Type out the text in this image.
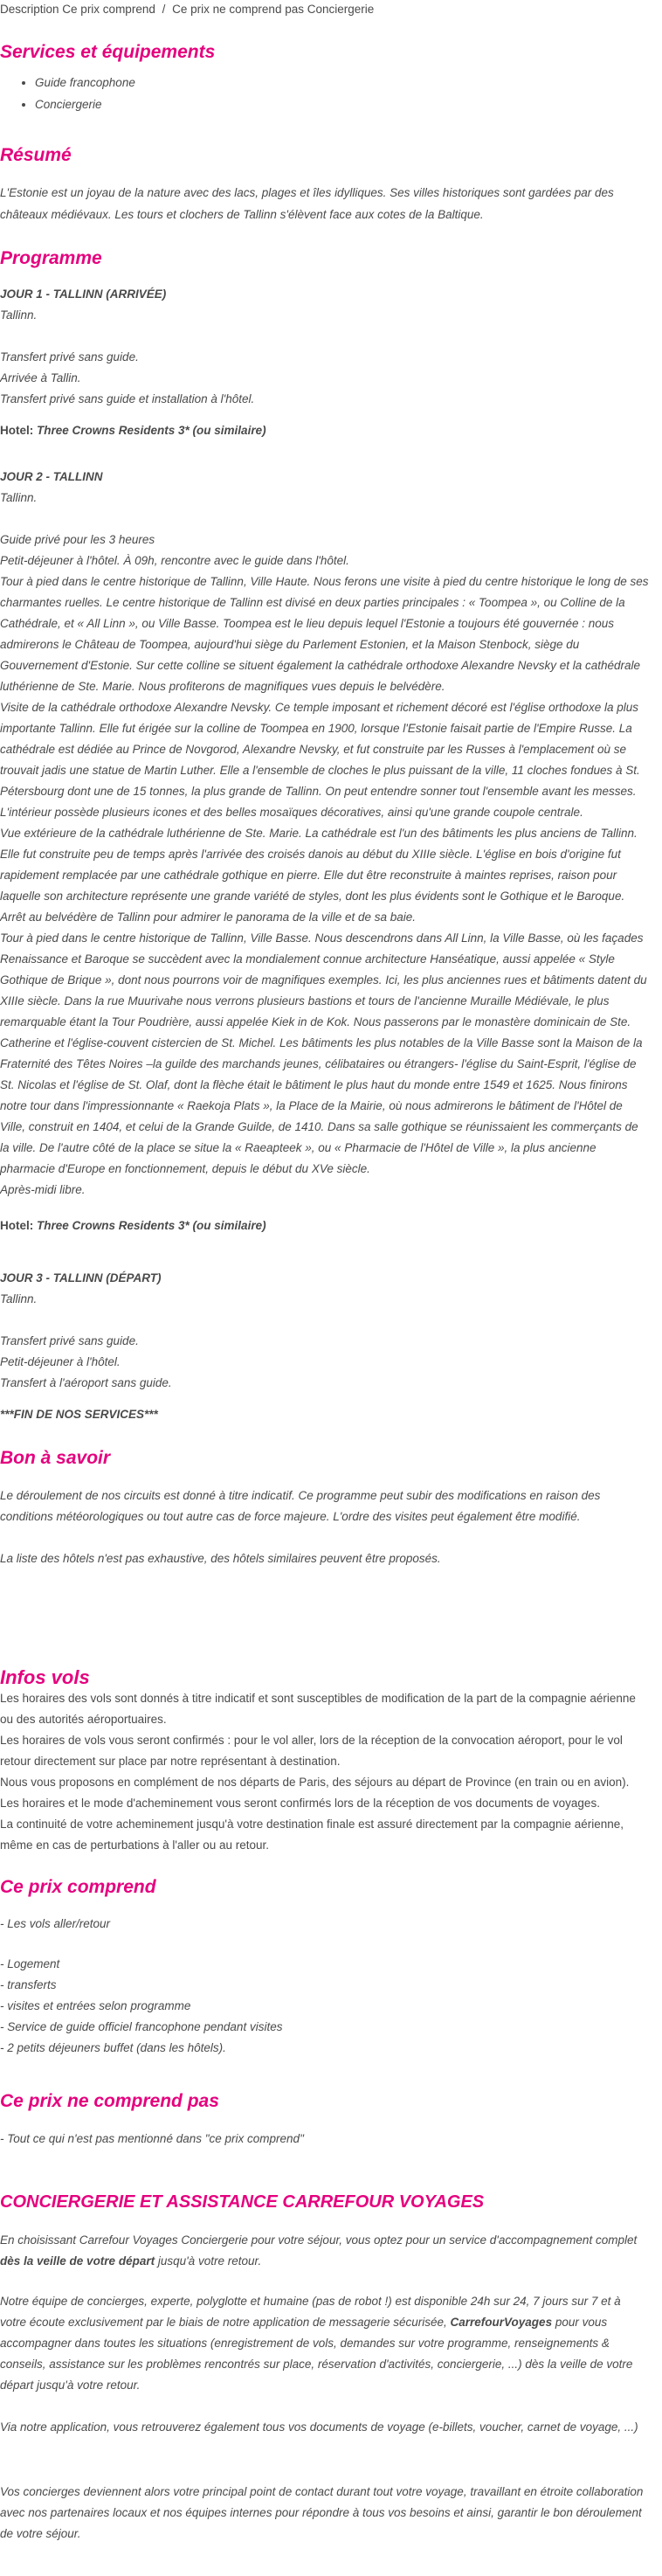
Description Ce prix comprend / Ce prix ne comprend pas Conciergerie
Services et équipements
• Guide francophone
• Conciergerie
Résumé

L'Estonie est un joyau de la nature avec des lacs, plages et îles idylliques. Ses villes historiques sont gardées par des châteaux médiévaux. Les tours et clochers de Tallinn s'élèvent face aux cotes de la Baltique.

Programme

JOUR 1 - TALLINN (ARRIVÉE)

Tallinn.

Transfert privé sans guide.

Arrivée à Tallin.

Transfert privé sans guide et installation à l'hôtel.

Hotel: Three Crowns Residents 3* (ou similaire)

JOUR 2 - TALLINN

Tallinn.

Guide privé pour les 3 heures

Petit-déjeuner à l'hôtel. À 09h, rencontre avec le guide dans l'hôtel.

Tour à pied dans le centre historique de Tallinn, Ville Haute. Nous ferons une visite à pied du centre historique le long de ses charmantes ruelles. Le centre historique de Tallinn est divisé en deux parties principales : « Toompea », ou Colline de la Cathédrale, et « All Linn », ou Ville Basse. Toompea est le lieu depuis lequel l'Estonie a toujours été gouvernée : nous admirerons le Château de Toompea, aujourd'hui siège du Parlement Estonien, et la Maison Stenbock, siège du Gouvernement d'Estonie. Sur cette colline se situent également la cathédrale orthodoxe Alexandre Nevsky et la cathédrale luthérienne de Ste. Marie. Nous profiterons de magnifiques vues depuis le belvédère.

Visite de la cathédrale orthodoxe Alexandre Nevsky. Ce temple imposant et richement décoré est l'église orthodoxe la plus importante Tallinn. Elle fut érigée sur la colline de Toompea en 1900, lorsque l'Estonie faisait partie de l'Empire Russe. La cathédrale est dédiée au Prince de Novgorod, Alexandre Nevsky, et fut construite par les Russes à l'emplacement où se trouvait jadis une statue de Martin Luther. Elle a l'ensemble de cloches le plus puissant de la ville, 11 cloches fondues à St. Pétersbourg dont une de 15 tonnes, la plus grande de Tallinn. On peut entendre sonner tout l'ensemble avant les messes. L'intérieur possède plusieurs icones et des belles mosaïques décoratives, ainsi qu'une grande coupole centrale.

Vue extérieure de la cathédrale luthérienne de Ste. Marie. La cathédrale est l'un des bâtiments les plus anciens de Tallinn. Elle fut construite peu de temps après l'arrivée des croisés danois au début du XIIIe siècle. L'église en bois d'origine fut rapidement remplacée par une cathédrale gothique en pierre. Elle dut être reconstruite à maintes reprises, raison pour laquelle son architecture représente une grande variété de styles, dont les plus évidents sont le Gothique et le Baroque.

Arrêt au belvédère de Tallinn pour admirer le panorama de la ville et de sa baie.

Tour à pied dans le centre historique de Tallinn, Ville Basse. Nous descendrons dans All Linn, la Ville Basse, où les façades Renaissance et Baroque se succèdent avec la mondialement connue architecture Hanséatique, aussi appelée « Style Gothique de Brique », dont nous pourrons voir de magnifiques exemples. Ici, les plus anciennes rues et bâtiments datent du XIIIe siècle. Dans la rue Muurivahe nous verrons plusieurs bastions et tours de l'ancienne Muraille Médiévale, le plus remarquable étant la Tour Poudrière, aussi appelée Kiek in de Kok. Nous passerons par le monastère dominicain de Ste. Catherine et l'église-couvent cistercien de St. Michel. Les bâtiments les plus notables de la Ville Basse sont la Maison de la Fraternité des Têtes Noires –la guilde des marchands jeunes, célibataires ou étrangers- l'église du Saint-Esprit, l'église de St. Nicolas et l'église de St. Olaf, dont la flèche était le bâtiment le plus haut du monde entre 1549 et 1625. Nous finirons notre tour dans l'impressionnante « Raekoja Plats », la Place de la Mairie, où nous admirerons le bâtiment de l'Hôtel de Ville, construit en 1404, et celui de la Grande Guilde, de 1410. Dans sa salle gothique se réunissaient les commerçants de la ville. De l'autre côté de la place se situe la « Raeapteek », ou « Pharmacie de l'Hôtel de Ville », la plus ancienne pharmacie d'Europe en fonctionnement, depuis le début du XVe siècle.

Après-midi libre.

Hotel: Three Crowns Residents 3* (ou similaire)

JOUR 3 - TALLINN (DÉPART)

Tallinn.

Transfert privé sans guide.

Petit-déjeuner à l'hôtel.

Transfert à l'aéroport sans guide.

***FIN DE NOS SERVICES***

Bon à savoir

Le déroulement de nos circuits est donné à titre indicatif. Ce programme peut subir des modifications en raison des conditions météorologiques ou tout autre cas de force majeure. L'ordre des visites peut également être modifié.

La liste des hôtels n'est pas exhaustive, des hôtels similaires peuvent être proposés.

Infos vols

Les horaires des vols sont donnés à titre indicatif et sont susceptibles de modification de la part de la compagnie aérienne ou des autorités aéroportuaires.

Les horaires de vols vous seront confirmés : pour le vol aller, lors de la réception de la convocation aéroport, pour le vol retour directement sur place par notre représentant à destination.

Nous vous proposons en complément de nos départs de Paris, des séjours au départ de Province (en train ou en avion).

Les horaires et le mode d'acheminement vous seront confirmés lors de la réception de vos documents de voyages.

La continuité de votre acheminement jusqu'à votre destination finale est assuré directement par la compagnie aérienne, même en cas de perturbations à l'aller ou au retour.

Ce prix comprend

- Les vols aller/retour

- Logement

- transferts

- visites et entrées selon programme

- Service de guide officiel francophone pendant visites

- 2 petits déjeuners buffet (dans les hôtels).

Ce prix ne comprend pas

- Tout ce qui n'est pas mentionné dans "ce prix comprend"

CONCIERGERIE ET ASSISTANCE CARREFOUR VOYAGES

En choisissant Carrefour Voyages Conciergerie pour votre séjour, vous optez pour un service d'accompagnement complet dès la veille de votre départ jusqu'à votre retour.

Notre équipe de concierges, experte, polyglotte et humaine (pas de robot !) est disponible 24h sur 24, 7 jours sur 7 et à votre écoute exclusivement par le biais de notre application de messagerie sécurisée, CarrefourVoyages pour vous accompagner dans toutes les situations (enregistrement de vols, demandes sur votre programme, renseignements & conseils, assistance sur les problèmes rencontrés sur place, réservation d'activités, conciergerie, ...) dès la veille de votre départ jusqu'à votre retour.

Via notre application, vous retrouverez également tous vos documents de voyage (e-billets, voucher, carnet de voyage, ...)

Vos concierges deviennent alors votre principal point de contact durant tout votre voyage, travaillant en étroite collaboration avec nos partenaires locaux et nos équipes internes pour répondre à tous vos besoins et ainsi, garantir le bon déroulement de votre séjour.
